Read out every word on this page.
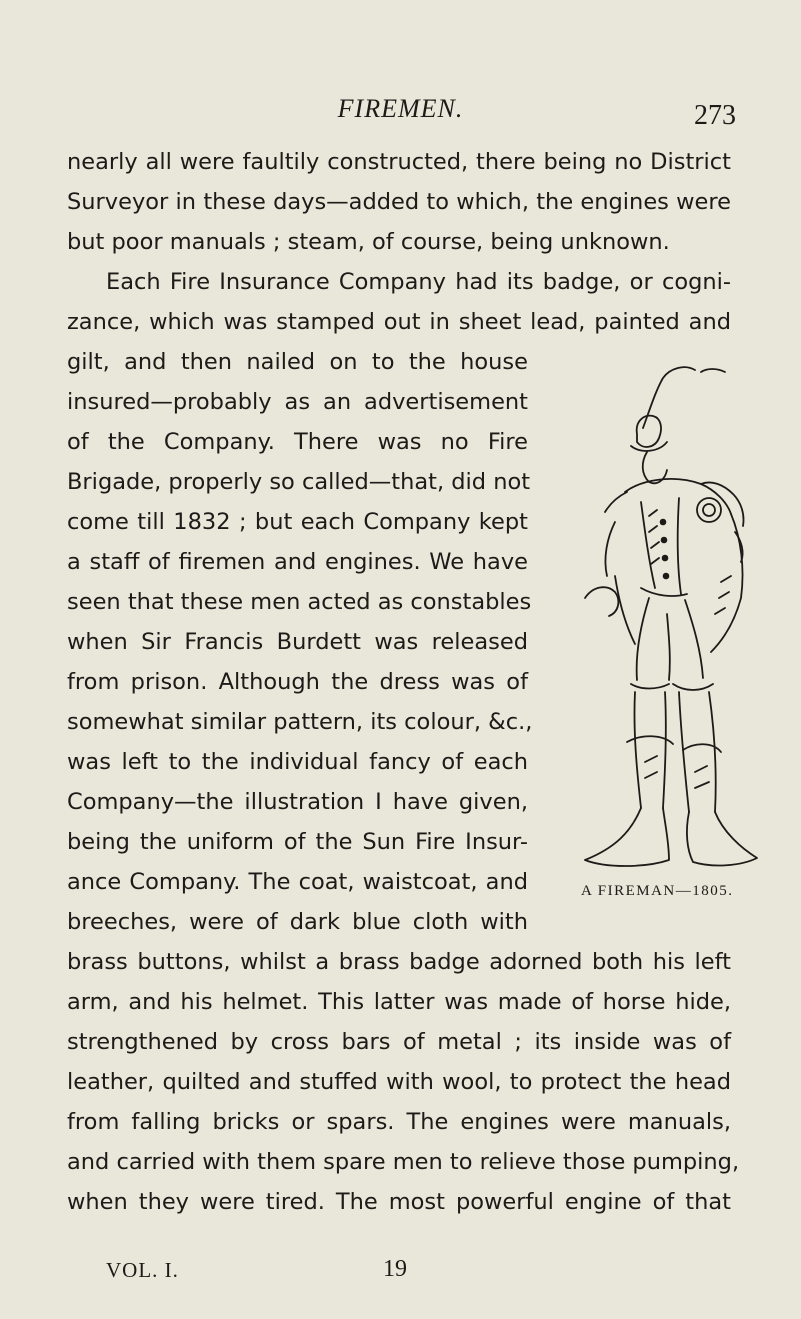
FIREMEN.	273
nearly all were faultily constructed, there being no District
Surveyor in these days—added to which, the engines were
but poor manuals ; steam, of course, being unknown.
Each Fire Insurance Company had its badge, or cogni-
zance, which was stamped out in sheet lead, painted and
gilt, and then nailed on to the house
insured—probably as an advertisement
of the Company. There was no Fire
Brigade, properly so called—that, did not
come till 1832 ; but each Company kept
a staff of firemen and engines. We have
seen that these men acted as constables
when Sir Francis Burdett was released
from prison. Although the dress was of
somewhat similar pattern, its colour, &c.,
was left to the individual fancy of each
Company—the illustration I have given,
being the uniform of the Sun Fire Insur-
ance Company. The coat, waistcoat, and
breeches, were of dark blue cloth with
brass buttons, whilst a brass badge adorned both his left
arm, and his helmet. This latter was made of horse hide,
strengthened by cross bars of metal ; its inside was of
leather, quilted and stuffed with wool, to protect the head
from falling bricks or spars. The engines were manuals,
and carried with them spare men to relieve those pumping,
when they were tired. The most powerful engine of that
A FIREMAN—1805.
VOL. I.	19
